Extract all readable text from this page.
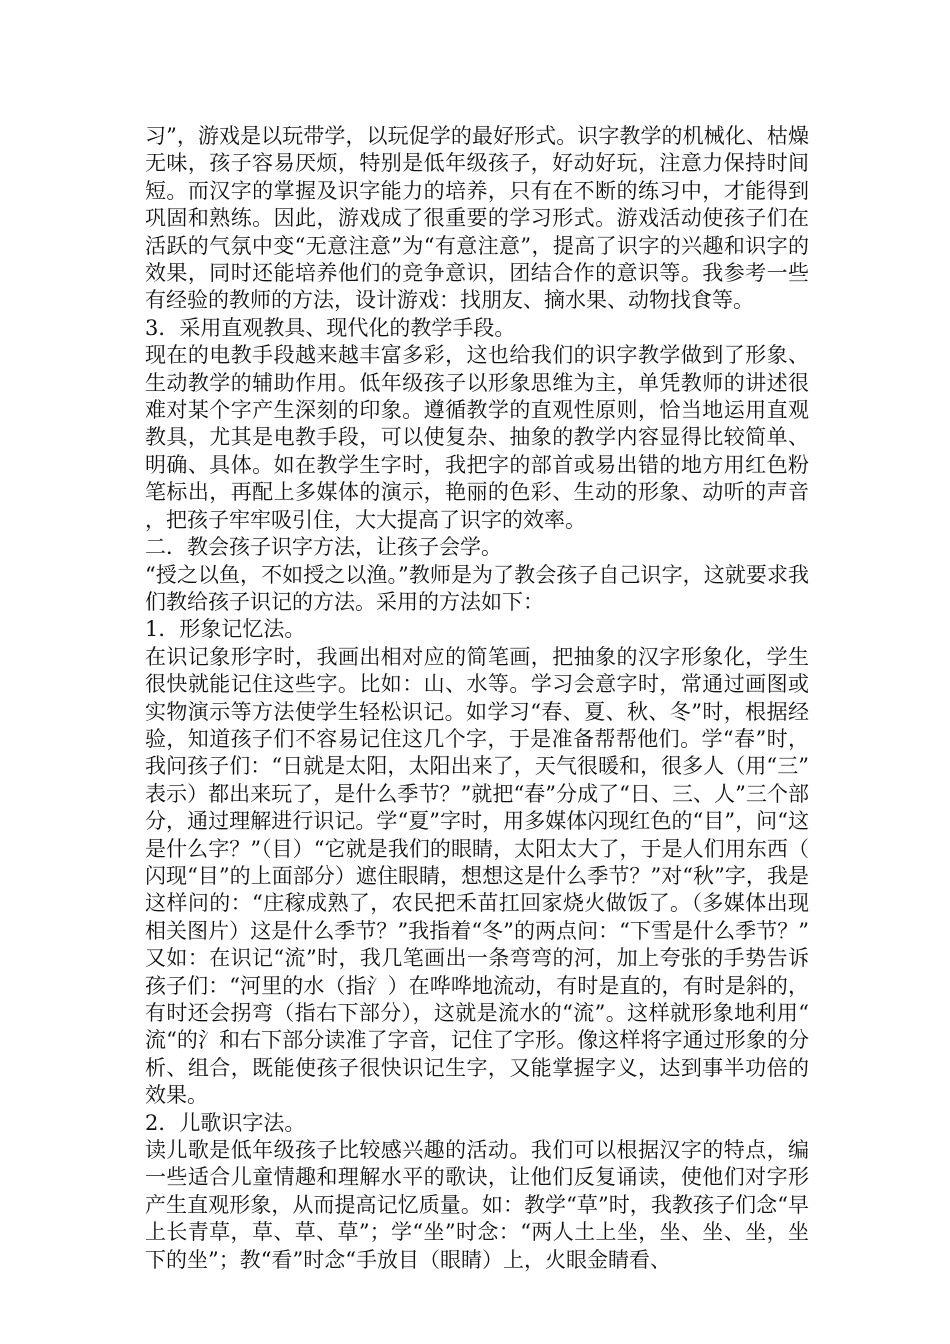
习”，游戏是以玩带学，以玩促学的最好形式。识字教学的机械化、枯燥无味，孩子容易厌烦，特别是低年级孩子，好动好玩，注意力保持时间短。而汉字的掌握及识字能力的培养，只有在不断的练习中，才能得到巩固和熟练。因此，游戏成了很重要的学习形式。游戏活动使孩子们在活跃的气氛中变“无意注意”为“有意注意”，提高了识字的兴趣和识字的效果，同时还能培养他们的竞争意识，团结合作的意识等。我参考一些有经验的教师的方法，设计游戏：找朋友、摘水果、动物找食等。

3．采用直观教具、现代化的教学手段。

现在的电教手段越来越丰富多彩，这也给我们的识字教学做到了形象、生动教学的辅助作用。低年级孩子以形象思维为主，单凭教师的讲述很难对某个字产生深刻的印象。遵循教学的直观性原则，恰当地运用直观教具，尤其是电教手段，可以使复杂、抽象的教学内容显得比较简单、明确、具体。如在教学生字时，我把字的部首或易出错的地方用红色粉笔标出，再配上多媒体的演示，艳丽的色彩、生动的形象、动听的声音，把孩子牢牢吸引住，大大提高了识字的效率。

二．教会孩子识字方法，让孩子会学。

“授之以鱼，不如授之以渔。”教师是为了教会孩子自己识字，这就要求我们教给孩子识记的方法。采用的方法如下：

1．形象记忆法。

在识记象形字时，我画出相对应的简笔画，把抽象的汉字形象化，学生很快就能记住这些字。比如：山、水等。学习会意字时，常通过画图或实物演示等方法使学生轻松识记。如学习“春、夏、秋、冬”时，根据经验，知道孩子们不容易记住这几个字，于是准备帮帮他们。学“春”时，我问孩子们：“日就是太阳，太阳出来了，天气很暖和，很多人（用“三”表示）都出来玩了，是什么季节？”就把“春”分成了“日、三、人”三个部分，通过理解进行识记。学“夏”字时，用多媒体闪现红色的“目”，问“这是什么字？”（目）“它就是我们的眼睛，太阳太大了，于是人们用东西（闪现“目”的上面部分）遮住眼睛，想想这是什么季节？”对“秋”字，我是这样问的：“庄稼成熟了，农民把禾苗扛回家烧火做饭了。（多媒体出现相关图片）这是什么季节？”我指着“冬”的两点问：“下雪是什么季节？”又如：在识记“流”时，我几笔画出一条弯弯的河，加上夸张的手势告诉孩子们：“河里的水（指氵）在哗哗地流动，有时是直的，有时是斜的，有时还会拐弯（指右下部分），这就是流水的“流”。这样就形象地利用“流“的氵和右下部分读准了字音，记住了字形。像这样将字通过形象的分析、组合，既能使孩子很快识记生字，又能掌握字义，达到事半功倍的效果。

2．儿歌识字法。

读儿歌是低年级孩子比较感兴趣的活动。我们可以根据汉字的特点，编一些适合儿童情趣和理解水平的歌诀，让他们反复诵读，使他们对字形产生直观形象，从而提高记忆质量。如：教学“草”时，我教孩子们念“早上长青草，草、草、草”；学“坐”时念：“两人土上坐，坐、坐、坐，坐下的坐”；教“看”时念“手放目（眼睛）上，火眼金睛看、
